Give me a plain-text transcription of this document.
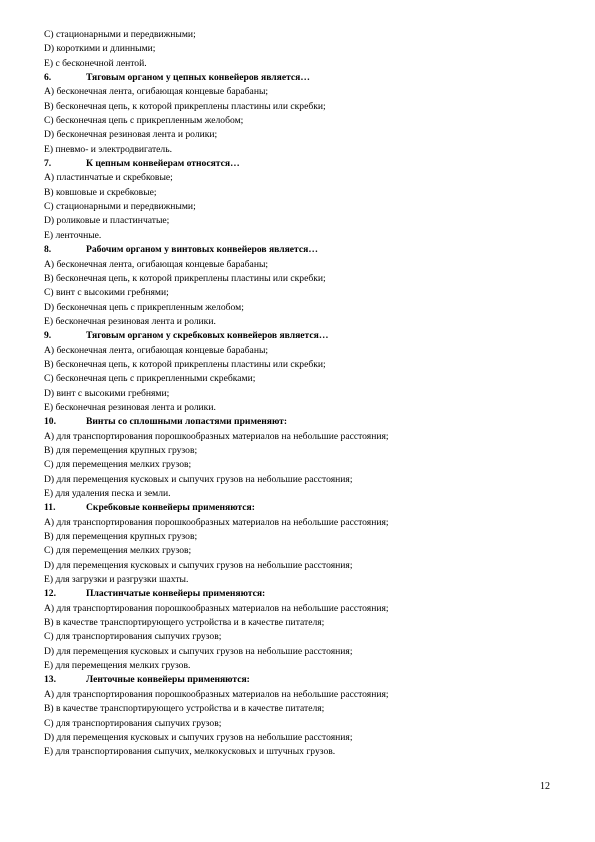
С) стационарными и передвижными;
D) короткими и длинными;
E) с бесконечной лентой.
6.	Тяговым органом у цепных конвейеров является…
А) бесконечная лента, огибающая концевые барабаны;
В) бесконечная цепь, к которой прикреплены пластины или скребки;
С) бесконечная цепь с прикрепленным желобом;
D) бесконечная резиновая лента и ролики;
E) пневмо- и электродвигатель.
7.	К цепным конвейерам относятся…
А) пластинчатые и скребковые;
В) ковшовые и скребковые;
С) стационарными и передвижными;
D) роликовые и пластинчатые;
E) ленточные.
8.	Рабочим органом у винтовых конвейеров является…
А) бесконечная лента, огибающая концевые барабаны;
В) бесконечная цепь, к которой прикреплены пластины или скребки;
С) винт с высокими гребнями;
D) бесконечная цепь с прикрепленным желобом;
E) бесконечная резиновая лента и ролики.
9.	Тяговым органом у скребковых конвейеров является…
А) бесконечная лента, огибающая концевые барабаны;
В) бесконечная цепь, к которой прикреплены пластины или скребки;
С) бесконечная цепь с прикрепленными скребками;
D) винт с высокими гребнями;
E) бесконечная резиновая лента и ролики.
10.	Винты со сплошными лопастями применяют:
А) для транспортирования порошкообразных материалов на небольшие расстояния;
В) для перемещения крупных грузов;
С) для перемещения мелких грузов;
D) для перемещения кусковых и сыпучих грузов на небольшие расстояния;
E) для удаления песка и земли.
11.	Скребковые конвейеры применяются:
А) для транспортирования порошкообразных материалов на небольшие расстояния;
В) для перемещения крупных грузов;
С) для перемещения мелких грузов;
D) для перемещения кусковых и сыпучих грузов на небольшие расстояния;
E) для загрузки и разгрузки шахты.
12.	Пластинчатые конвейеры применяются:
А) для транспортирования порошкообразных материалов на небольшие расстояния;
В) в качестве транспортирующего устройства и в качестве питателя;
С) для транспортирования сыпучих грузов;
D) для перемещения кусковых и сыпучих грузов на небольшие расстояния;
E) для перемещения мелких грузов.
13.	Ленточные конвейеры применяются:
А) для транспортирования порошкообразных материалов на небольшие расстояния;
В) в качестве транспортирующего устройства и в качестве питателя;
С) для транспортирования сыпучих грузов;
D) для перемещения кусковых и сыпучих грузов на небольшие расстояния;
E) для транспортирования сыпучих, мелкокусковых и штучных грузов.
12
